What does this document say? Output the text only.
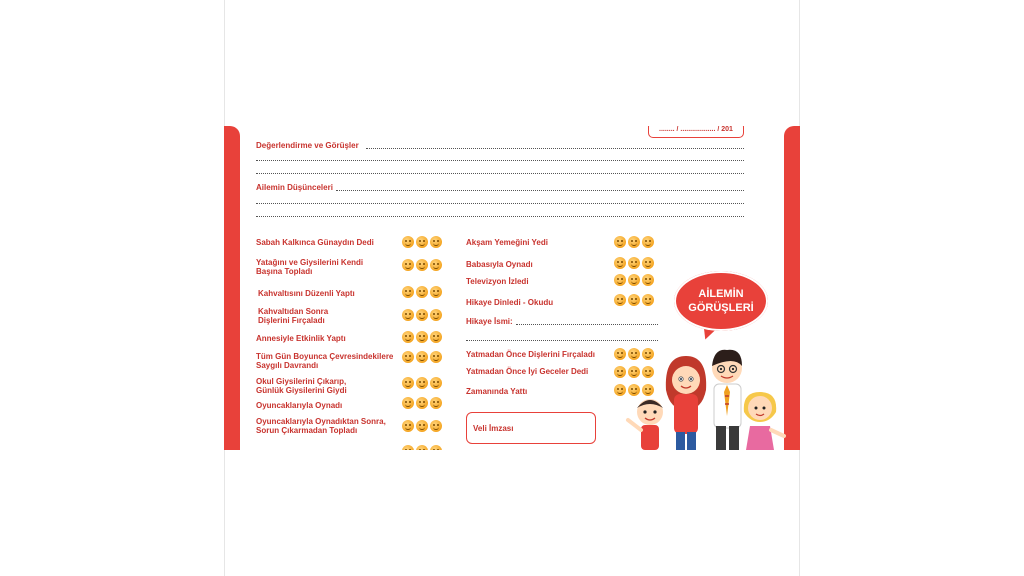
........ / .................. / 201
Değerlendirme ve Görüşler
Ailemin Düşünceleri
Sabah Kalkınca Günaydın Dedi
Yatağını ve Giysilerini Kendi Başına Topladı
Kahvaltısını Düzenli Yaptı
Kahvaltıdan Sonra Dişlerini Fırçaladı
Annesiyle Etkinlik Yaptı
Tüm Gün Boyunca Çevresindekilere Saygılı Davrandı
Okul Giysilerini Çıkarıp, Günlük Giysilerini Giydi
Oyuncaklarıyla Oynadı
Oyuncaklarıyla Oynadıktan Sonra, Sorun Çıkarmadan Topladı
Akşam Yemeğini Yedi
Babasıyla Oynadı
Televizyon İzledi
Hikaye Dinledi - Okudu
Hikaye İsmi:
Yatmadan Önce Dişlerini Fırçaladı
Yatmadan Önce İyi Geceler Dedi
Zamanında Yattı
Veli İmzası
AİLEMİN
GÖRÜŞLERİ
